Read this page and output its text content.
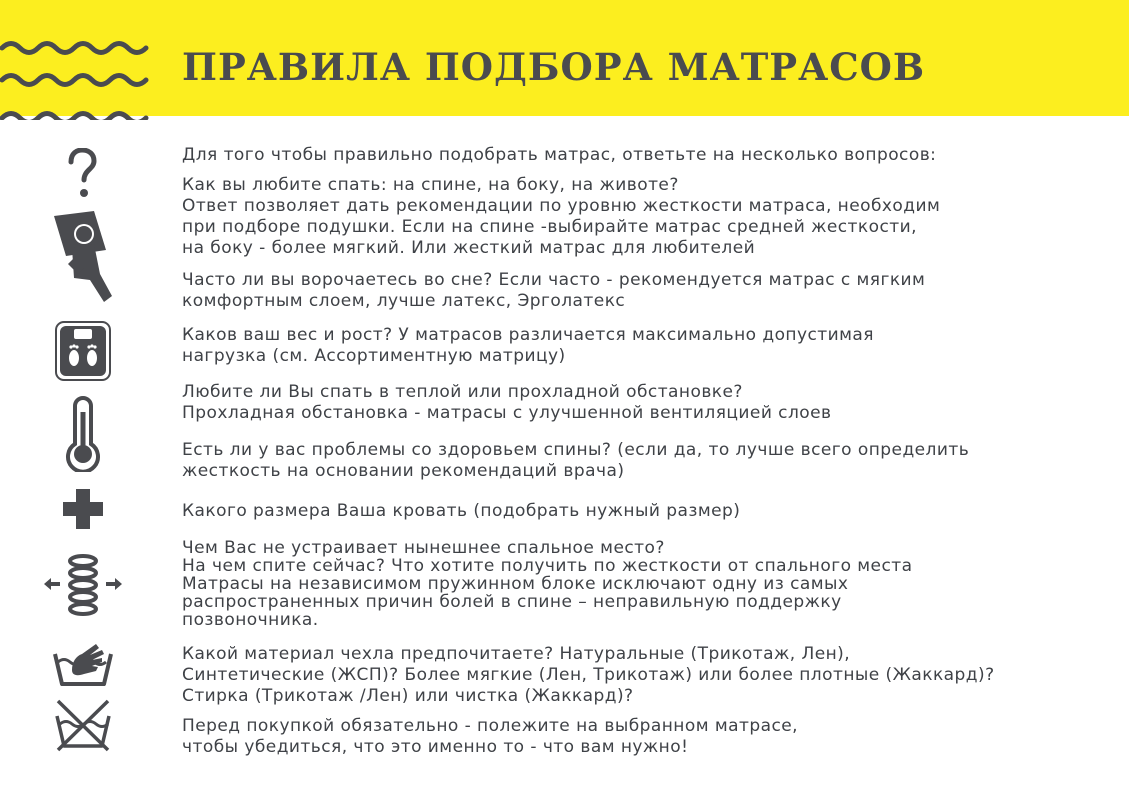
ПРАВИЛА ПОДБОРА МАТРАСОВ
Для того чтобы правильно подобрать матрас, ответьте на несколько вопросов:
Как вы любите спать: на спине, на боку, на животе?
Ответ позволяет дать рекомендации по уровню жесткости матраса, необходим
при подборе подушки. Если на спине -выбирайте матрас средней жесткости,
на боку - более мягкий. Или жесткий матрас для любителей
Часто ли вы ворочаетесь во сне? Если часто - рекомендуется матрас с мягким
комфортным слоем, лучше латекс, Эрголатекс
Каков ваш вес и рост? У матрасов различается максимально допустимая
нагрузка (см. Ассортиментную матрицу)
Любите ли Вы спать в теплой или прохладной обстановке?
Прохладная обстановка - матрасы с улучшенной вентиляцией слоев
Есть ли у вас проблемы со здоровьем спины? (если да, то лучше всего определить
жесткость на основании рекомендаций врача)
Какого размера Ваша кровать (подобрать нужный размер)
Чем Вас не устраивает нынешнее спальное место?
На чем спите сейчас? Что хотите получить по жесткости от спального места
Матрасы на независимом пружинном блоке исключают одну из самых
распространенных причин болей в спине – неправильную поддержку
позвоночника.
Какой материал чехла предпочитаете? Натуральные (Трикотаж, Лен),
Синтетические (ЖСП)? Более мягкие (Лен, Трикотаж) или более плотные (Жаккард)?
Стирка (Трикотаж /Лен) или чистка (Жаккард)?
Перед покупкой обязательно - полежите на выбранном матрасе,
чтобы убедиться, что это именно то - что вам нужно!
